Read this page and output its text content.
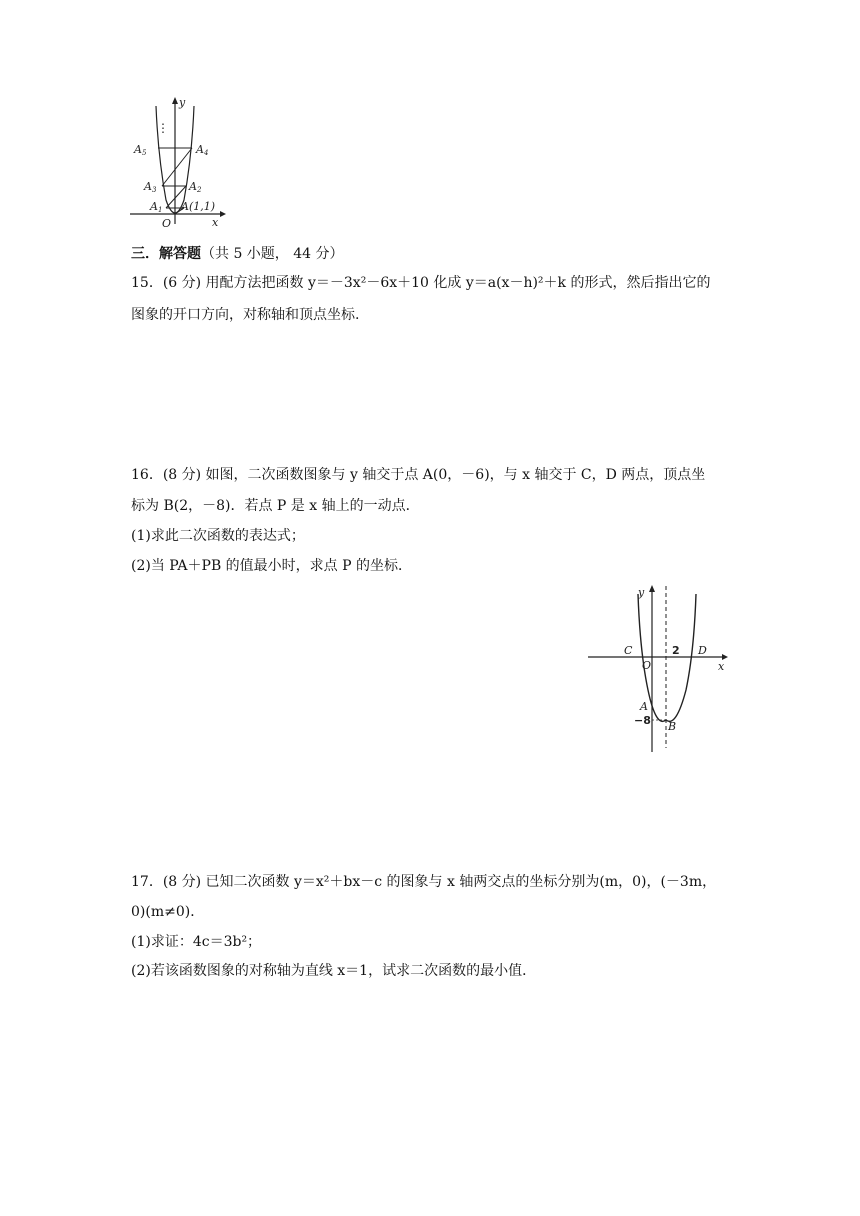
y
x
⋮
A5	A4
A3	A2
A1
O
A(1,1)
三．解答题（共 5 小题， 44 分）
15．(6 分) 用配方法把函数 y＝－3x²－6x＋10 化成 y＝a(x－h)²＋k 的形式，然后指出它的
图象的开口方向，对称轴和顶点坐标.
16．(8 分) 如图，二次函数图象与 y 轴交于点 A(0，－6)，与 x 轴交于 C，D 两点，顶点坐
标为 B(2，－8)．若点 P 是 x 轴上的一动点．
(1)求此二次函数的表达式；
(2)当 PA＋PB 的值最小时，求点 P 的坐标．
y
x
C
O
2 D
A
−8 B
17．(8 分) 已知二次函数 y＝x²＋bx－c 的图象与 x 轴两交点的坐标分别为(m，0)，(－3m，
0)(m≠0)．
(1)求证：4c＝3b²；
(2)若该函数图象的对称轴为直线 x＝1，试求二次函数的最小值．
